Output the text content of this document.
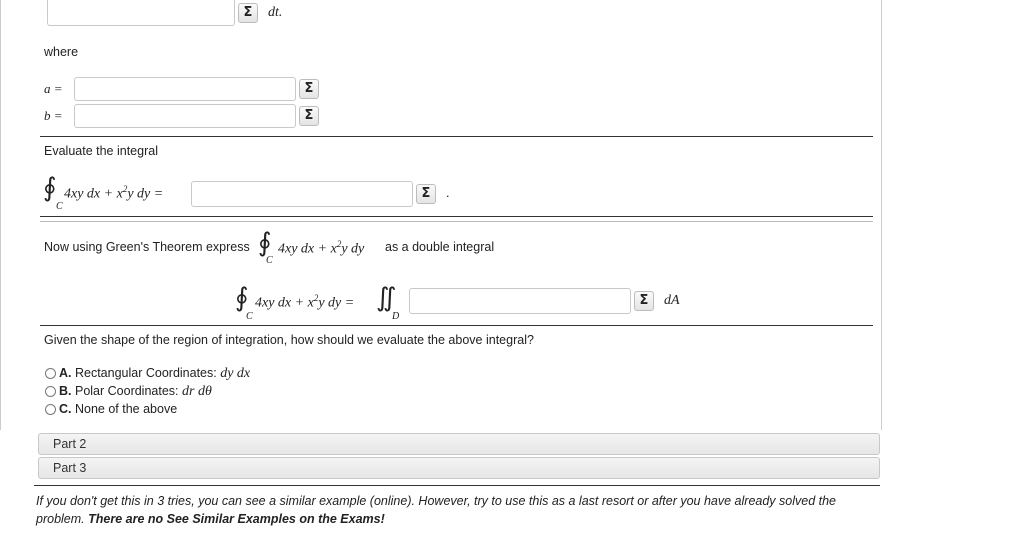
Σ	dt.
where
a =	Σ
b =	Σ
Evaluate the integral
∮
C
4xy dx + $x^2y$ dy =	Σ	.
Now using Green's Theorem express ∮
C
4xy dx + $x^2y$ dy as a double integral
∮
C
4xy dx + $x^2y$ dy = ∬
D
Σ	dA
Given the shape of the region of integration, how should we evaluate the above integral?
A. Rectangular Coordinates: dy dx
B. Polar Coordinates: dr dθ
C. None of the above
Part 2
Part 3
If you don't get this in 3 tries, you can see a similar example (online). However, try to use this as a last resort or after you have already solved the problem. There are no See Similar Examples on the Exams!
